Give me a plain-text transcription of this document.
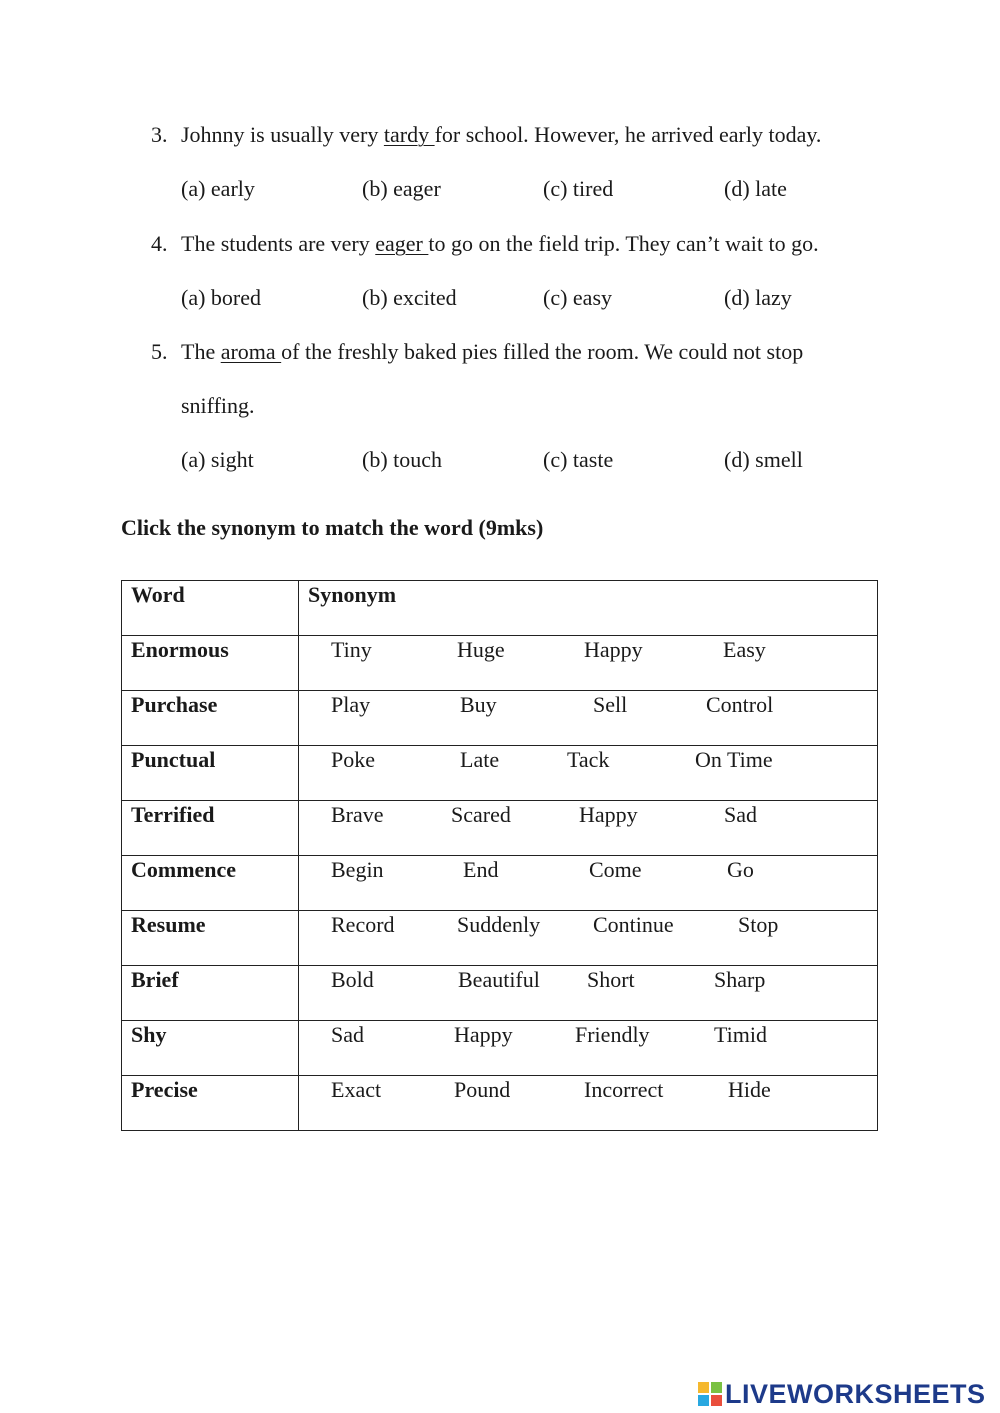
3. Johnny is usually very tardy for school. However, he arrived early today.
(a) early	(b) eager	(c) tired	(d) late
4. The students are very eager to go on the field trip. They can’t wait to go.
(a) bored	(b) excited	(c) easy	(d) lazy
5. The aroma of the freshly baked pies filled the room. We could not stop
sniffing.
(a) sight	(b) touch	(c) taste	(d) smell
Click the synonym to match the word (9mks)
Word	Synonym

Enormous	Tiny Huge Happy Easy

Purchase	Play Buy Sell Control

Punctual	Poke Late Tack On Time

Terrified	Brave Scared Happy Sad

Commence	Begin End Come Go

Resume	Record Suddenly Continue Stop

Brief	Bold Beautiful Short Sharp

Shy	Sad Happy Friendly Timid

Precise	Exact Pound Incorrect Hide
LIVEWORKSHEETS
